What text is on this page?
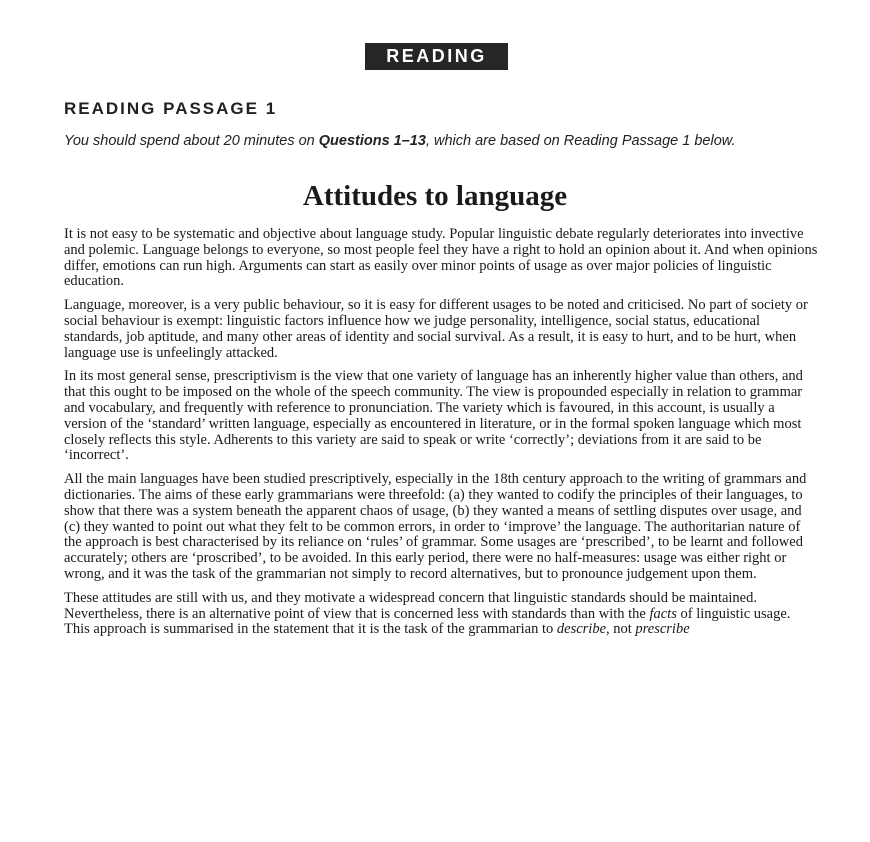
READING
READING PASSAGE 1
You should spend about 20 minutes on Questions 1–13, which are based on Reading Passage 1 below.
Attitudes to language

It is not easy to be systematic and objective about language study. Popular linguistic debate regularly deteriorates into invective and polemic. Language belongs to everyone, so most people feel they have a right to hold an opinion about it. And when opinions differ, emotions can run high. Arguments can start as easily over minor points of usage as over major policies of linguistic education.

Language, moreover, is a very public behaviour, so it is easy for different usages to be noted and criticised. No part of society or social behaviour is exempt: linguistic factors influence how we judge personality, intelligence, social status, educational standards, job aptitude, and many other areas of identity and social survival. As a result, it is easy to hurt, and to be hurt, when language use is unfeelingly attacked.

In its most general sense, prescriptivism is the view that one variety of language has an inherently higher value than others, and that this ought to be imposed on the whole of the speech community. The view is propounded especially in relation to grammar and vocabulary, and frequently with reference to pronunciation. The variety which is favoured, in this account, is usually a version of the ‘standard’ written language, especially as encountered in literature, or in the formal spoken language which most closely reflects this style. Adherents to this variety are said to speak or write ‘correctly’; deviations from it are said to be ‘incorrect’.

All the main languages have been studied prescriptively, especially in the 18th century approach to the writing of grammars and dictionaries. The aims of these early grammarians were threefold: (a) they wanted to codify the principles of their languages, to show that there was a system beneath the apparent chaos of usage, (b) they wanted a means of settling disputes over usage, and (c) they wanted to point out what they felt to be common errors, in order to ‘improve’ the language. The authoritarian nature of the approach is best characterised by its reliance on ‘rules’ of grammar. Some usages are ‘prescribed’, to be learnt and followed accurately; others are ‘proscribed’, to be avoided. In this early period, there were no half-measures: usage was either right or wrong, and it was the task of the grammarian not simply to record alternatives, but to pronounce judgement upon them.

These attitudes are still with us, and they motivate a widespread concern that linguistic standards should be maintained. Nevertheless, there is an alternative point of view that is concerned less with standards than with the facts of linguistic usage. This approach is summarised in the statement that it is the task of the grammarian to describe, not prescribe
